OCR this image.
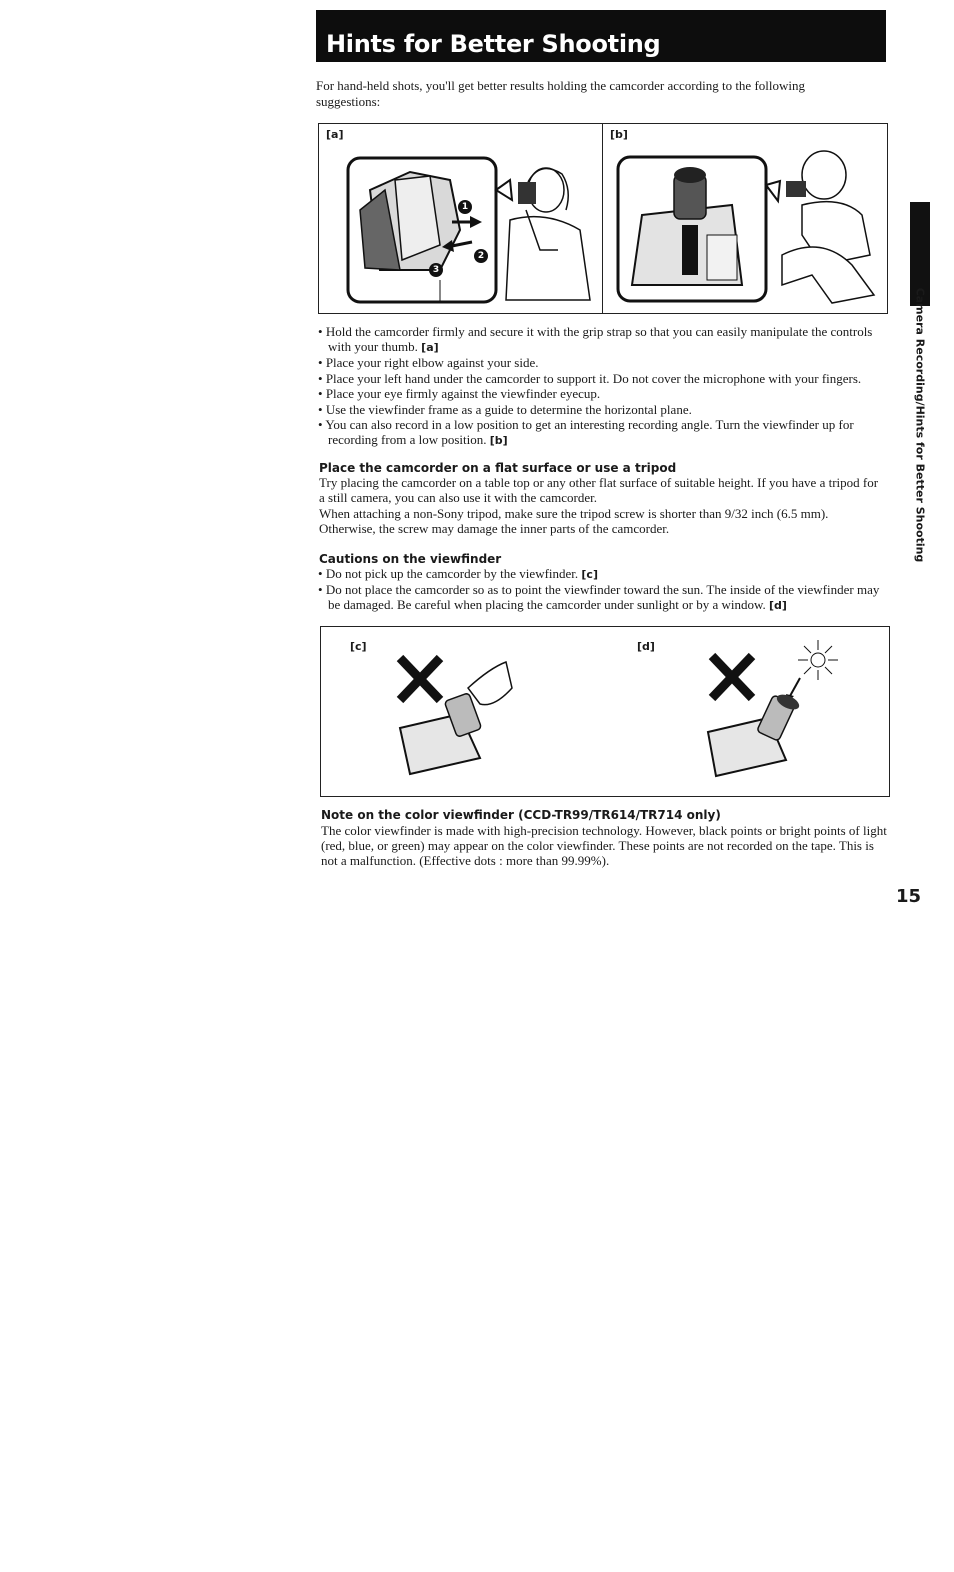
Hints for Better Shooting
For hand-held shots, you'll get better results holding the camcorder according to the following suggestions:
[a]	[b]
1
2
3
• Hold the camcorder firmly and secure it with the grip strap so that you can easily manipulate the controls with your thumb. [a]
• Place your right elbow against your side.
• Place your left hand under the camcorder to support it. Do not cover the microphone with your fingers.
• Place your eye firmly against the viewfinder eyecup.
• Use the viewfinder frame as a guide to determine the horizontal plane.
• You can also record in a low position to get an interesting recording angle. Turn the viewfinder up for recording from a low position. [b]
Place the camcorder on a flat surface or use a tripod
Try placing the camcorder on a table top or any other flat surface of suitable height. If you have a tripod for a still camera, you can also use it with the camcorder.
When attaching a non-Sony tripod, make sure the tripod screw is shorter than 9/32 inch (6.5 mm). Otherwise, the screw may damage the inner parts of the camcorder.
Cautions on the viewfinder
• Do not pick up the camcorder by the viewfinder. [c]
• Do not place the camcorder so as to point the viewfinder toward the sun. The inside of the viewfinder may be damaged. Be careful when placing the camcorder under sunlight or by a window. [d]
[c]	[d]
Note on the color viewfinder (CCD-TR99/TR614/TR714 only)
The color viewfinder is made with high-precision technology. However, black points or bright points of light (red, blue, or green) may appear on the color viewfinder. These points are not recorded on the tape. This is not a malfunction. (Effective dots : more than 99.99%).
Camera Recording/Hints for Better Shooting
15
